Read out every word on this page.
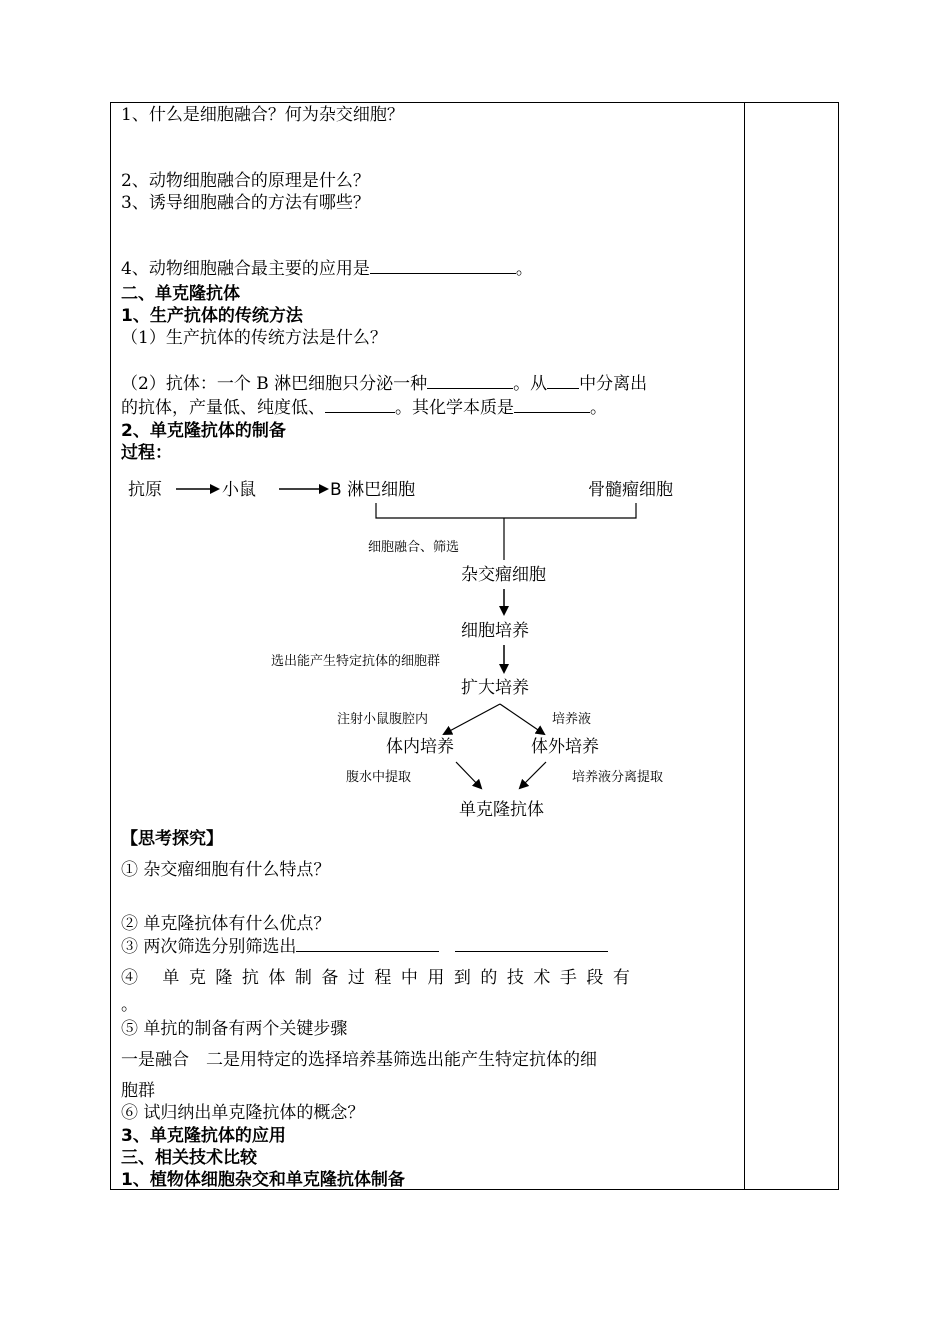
1、什么是细胞融合？何为杂交细胞？
2、动物细胞融合的原理是什么？
3、诱导细胞融合的方法有哪些？
4、动物细胞融合最主要的应用是	。
二、单克隆抗体
1、生产抗体的传统方法
（1）生产抗体的传统方法是什么？
（2）抗体：一个 B 淋巴细胞只分泌一种	。从 中分离出
的抗体，产量低、纯度低、	。其化学本质是	。
2、单克隆抗体的制备
过程：
抗原	小鼠	B 淋巴细胞	骨髓瘤细胞
细胞融合、筛选
杂交瘤细胞
细胞培养
选出能产生特定抗体的细胞群
扩大培养
注射小鼠腹腔内	培养液
体内培养	体外培养
腹水中提取	培养液分离提取
单克隆抗体
【思考探究】
① 杂交瘤细胞有什么特点？
② 单克隆抗体有什么优点？
③ 两次筛选分别筛选出
④ 单克隆抗体制备过程中用到的技术手段有
。
⑤ 单抗的制备有两个关键步骤
一是融合　二是用特定的选择培养基筛选出能产生特定抗体的细
胞群
⑥ 试归纳出单克隆抗体的概念？
3、单克隆抗体的应用
三、相关技术比较
1、植物体细胞杂交和单克隆抗体制备
